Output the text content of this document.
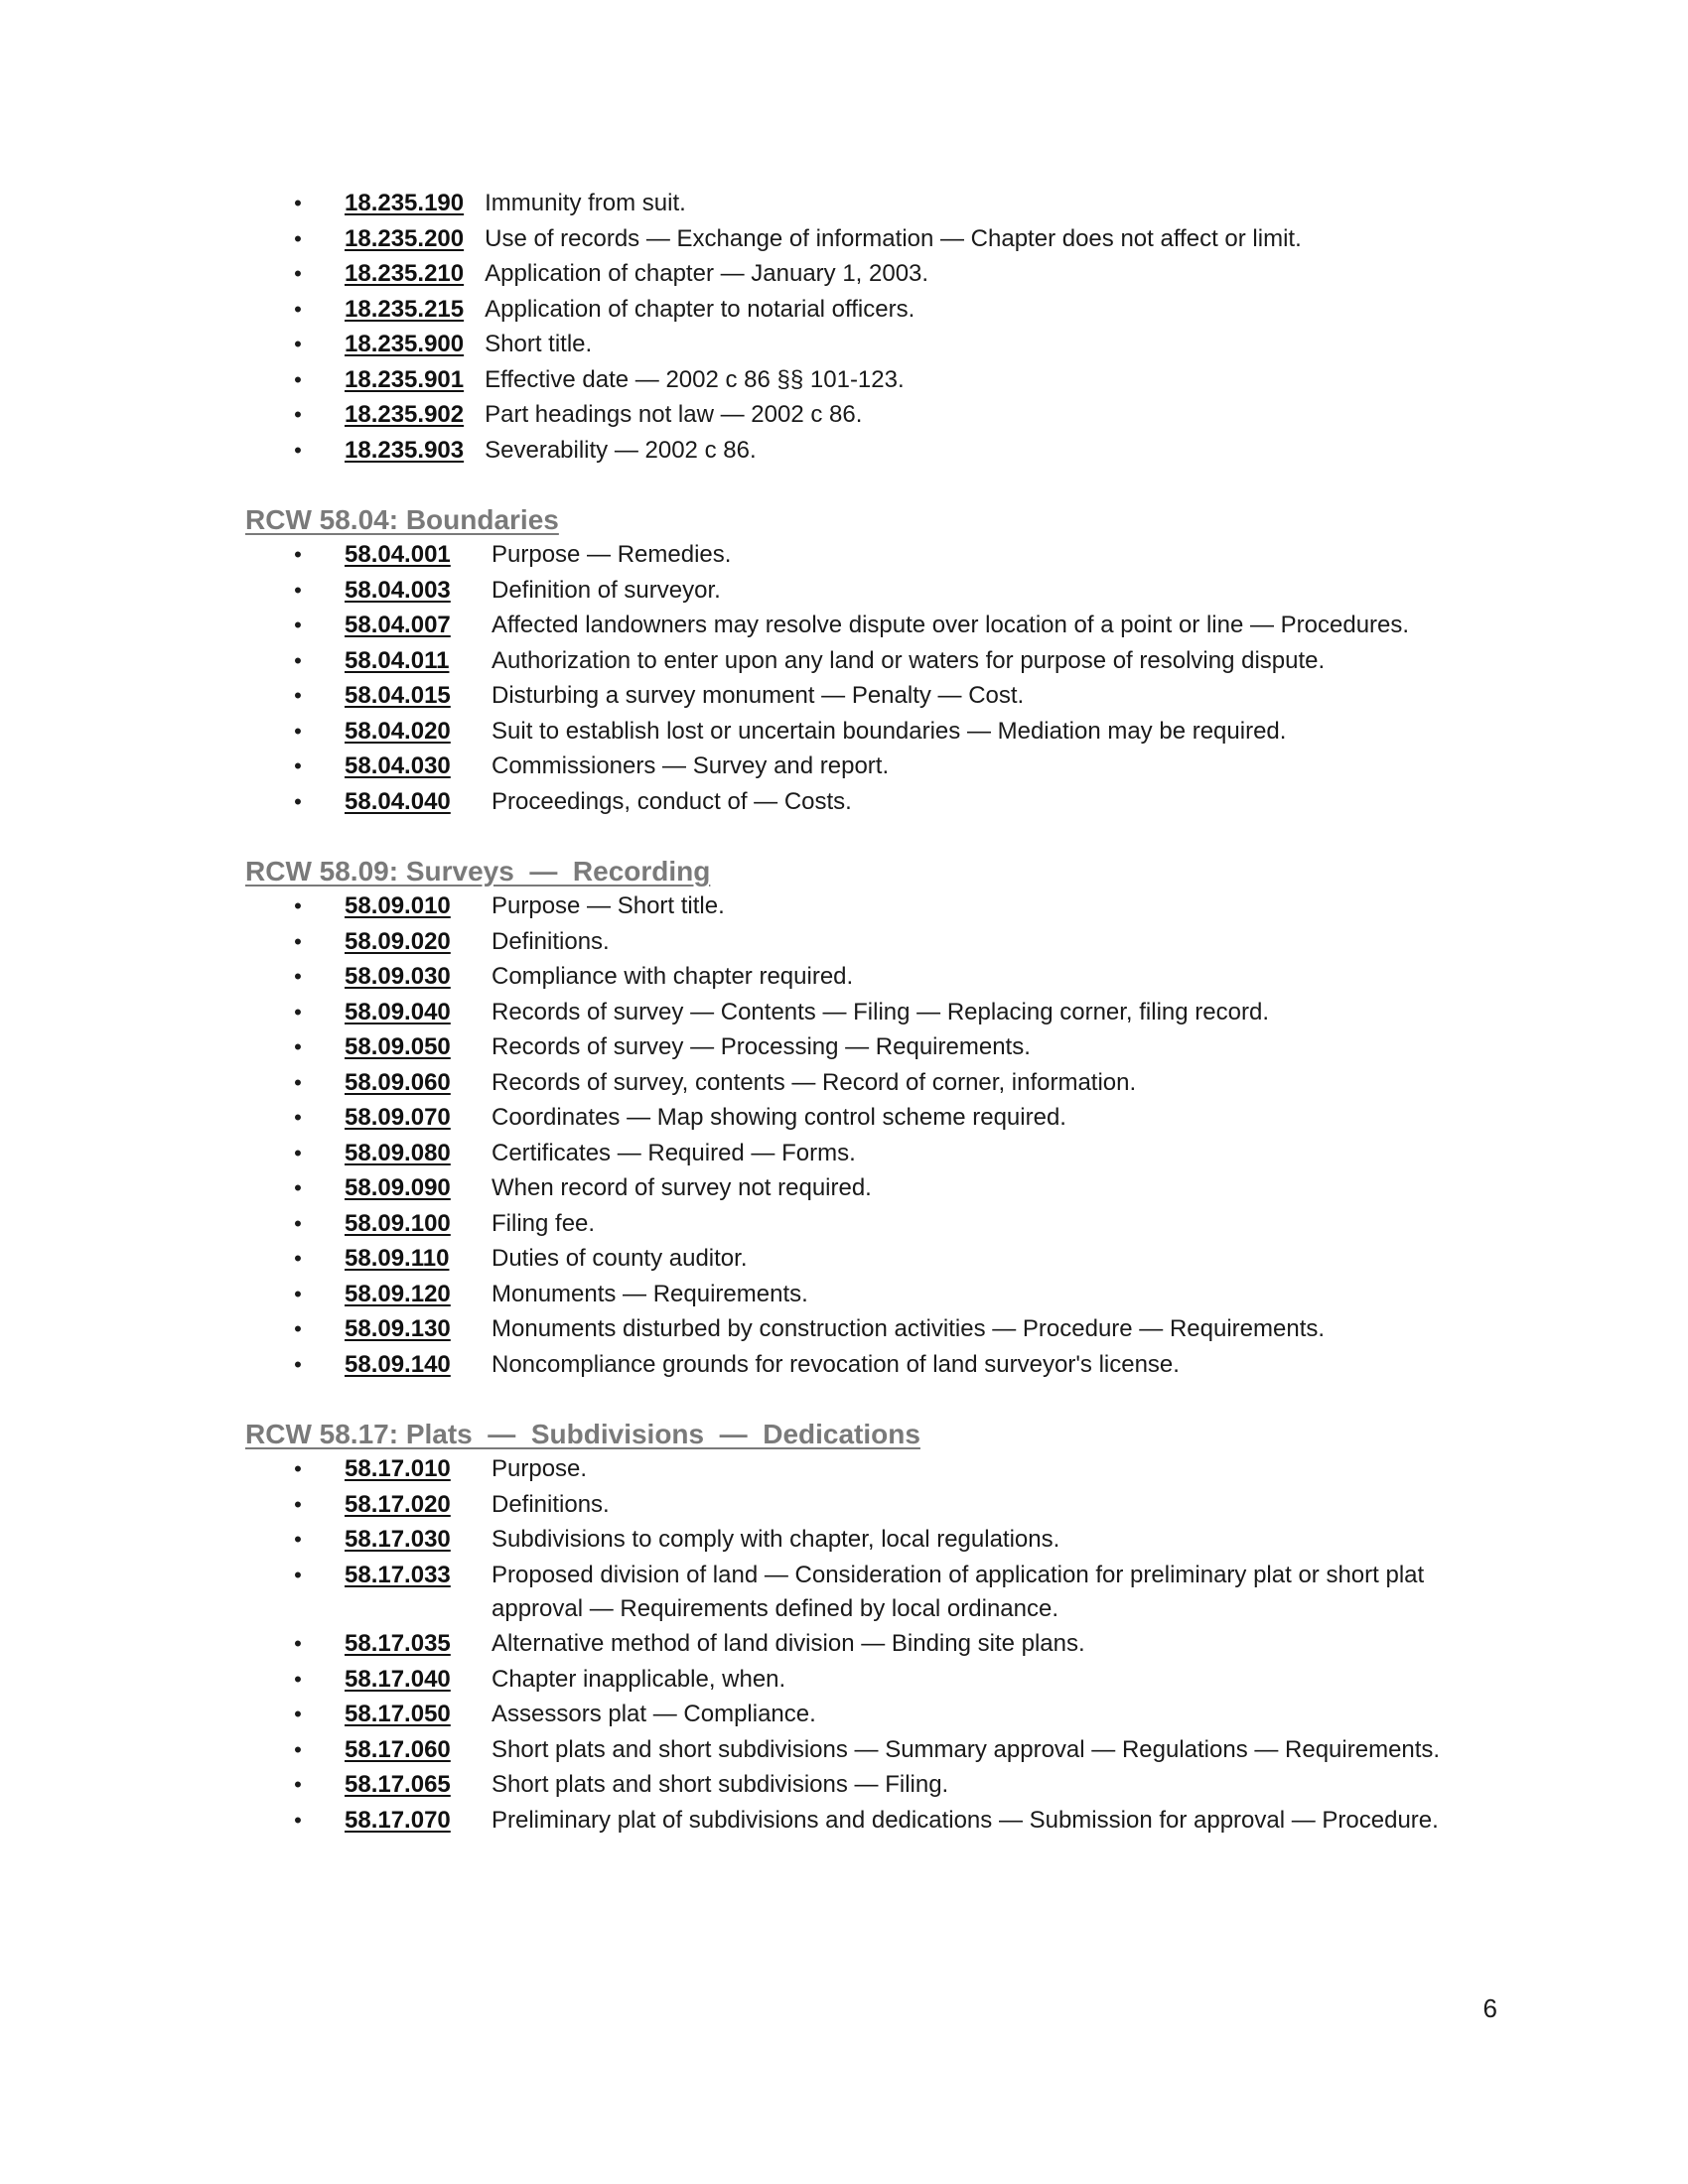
• 18.235.190 Immunity from suit.
• 18.235.200 Use of records — Exchange of information — Chapter does not affect or limit.
• 18.235.210 Application of chapter — January 1, 2003.
• 18.235.215 Application of chapter to notarial officers.
• 18.235.900 Short title.
• 18.235.901 Effective date — 2002 c 86 §§ 101-123.
• 18.235.902 Part headings not law — 2002 c 86.
• 18.235.903 Severability — 2002 c 86.
RCW 58.04: Boundaries
• 58.04.001	Purpose — Remedies.
• 58.04.003	Definition of surveyor.
• 58.04.007	Affected landowners may resolve dispute over location of a point or line — Procedures.
• 58.04.011	Authorization to enter upon any land or waters for purpose of resolving dispute.
• 58.04.015	Disturbing a survey monument — Penalty — Cost.
• 58.04.020	Suit to establish lost or uncertain boundaries — Mediation may be required.
• 58.04.030	Commissioners — Survey and report.
• 58.04.040	Proceedings, conduct of — Costs.
RCW 58.09: Surveys  —  Recording
• 58.09.010	Purpose — Short title.
• 58.09.020	Definitions.
• 58.09.030	Compliance with chapter required.
• 58.09.040	Records of survey — Contents — Filing — Replacing corner, filing record.
• 58.09.050	Records of survey — Processing — Requirements.
• 58.09.060	Records of survey, contents — Record of corner, information.
• 58.09.070	Coordinates — Map showing control scheme required.
• 58.09.080	Certificates — Required — Forms.
• 58.09.090	When record of survey not required.
• 58.09.100	Filing fee.
• 58.09.110	Duties of county auditor.
• 58.09.120	Monuments — Requirements.
• 58.09.130	Monuments disturbed by construction activities — Procedure — Requirements.
• 58.09.140	Noncompliance grounds for revocation of land surveyor's license.
RCW 58.17: Plats  —  Subdivisions  —  Dedications
• 58.17.010	Purpose.
• 58.17.020	Definitions.
• 58.17.030	Subdivisions to comply with chapter, local regulations.
• 58.17.033	Proposed division of land — Consideration of application for preliminary plat or short plat approval — Requirements defined by local ordinance.
• 58.17.035	Alternative method of land division — Binding site plans.
• 58.17.040	Chapter inapplicable, when.
• 58.17.050	Assessors plat — Compliance.
• 58.17.060	Short plats and short subdivisions — Summary approval — Regulations — Requirements.
• 58.17.065	Short plats and short subdivisions — Filing.
• 58.17.070	Preliminary plat of subdivisions and dedications — Submission for approval — Procedure.
6
